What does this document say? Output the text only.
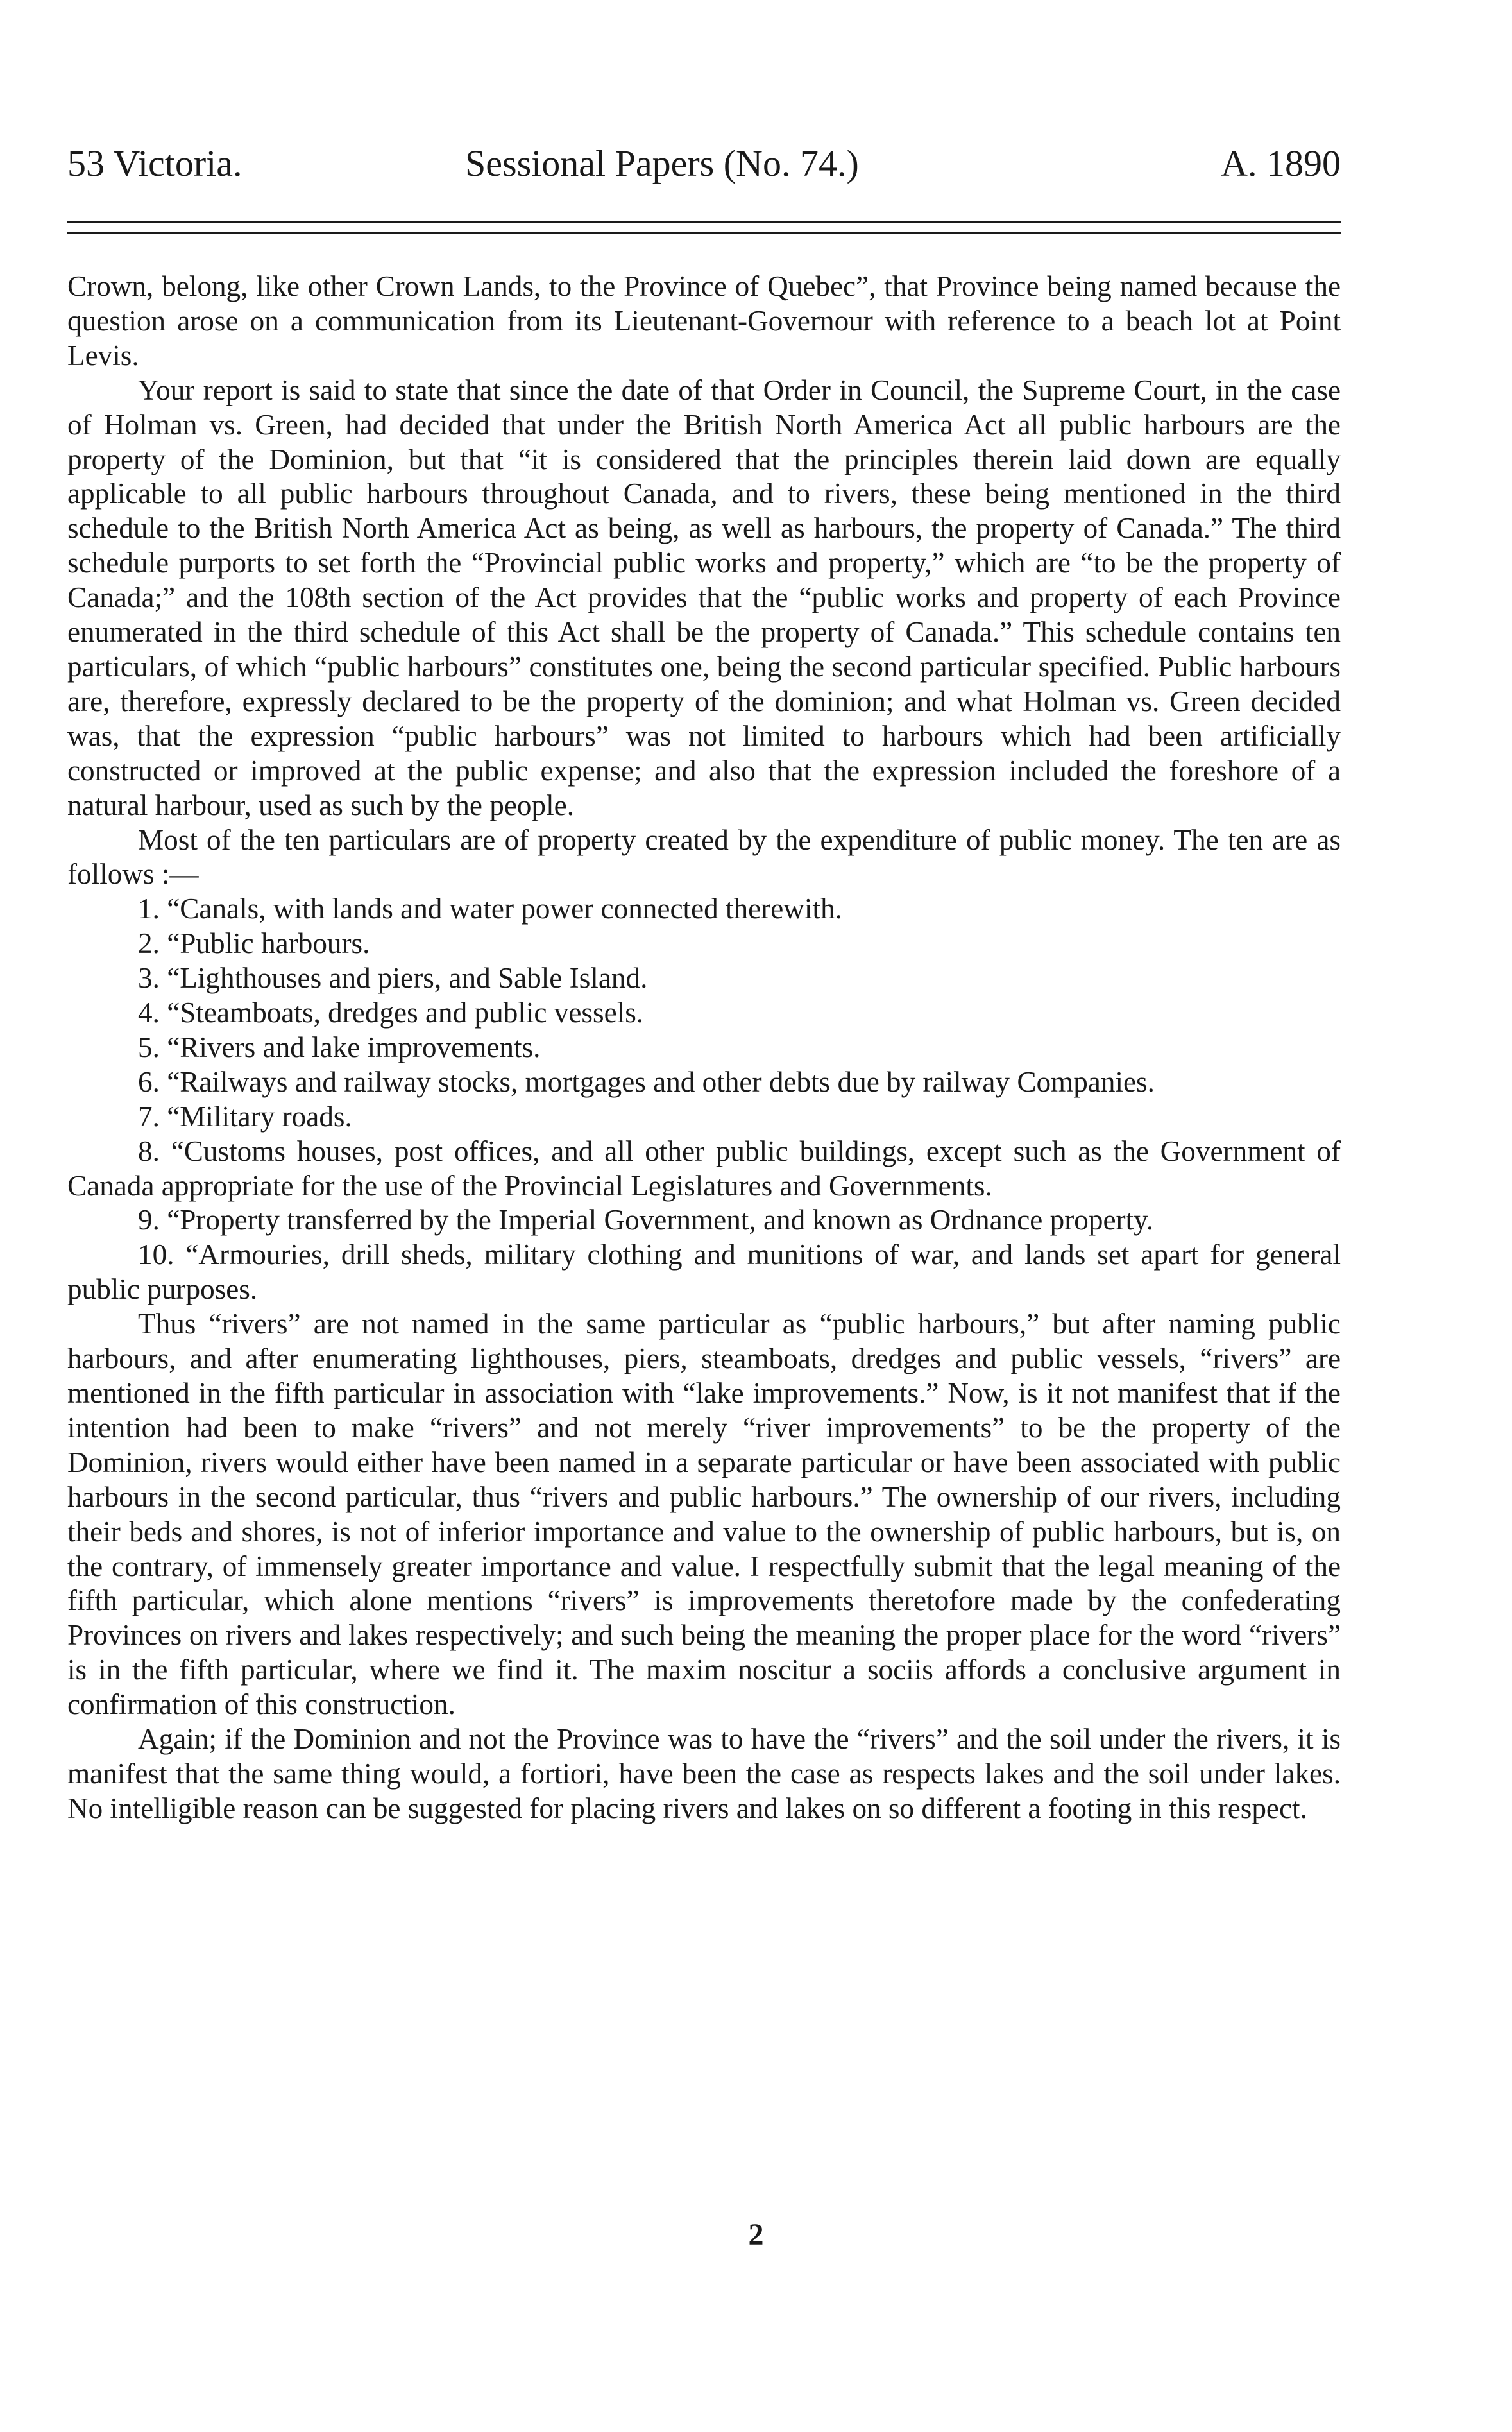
53 Victoria.	Sessional Papers (No. 74.)	A. 1890

Crown, belong, like other Crown Lands, to the Province of Quebec”, that Province being named because the question arose on a communication from its Lieutenant-Governour with reference to a beach lot at Point Levis.

Your report is said to state that since the date of that Order in Council, the Supreme Court, in the case of Holman vs. Green, had decided that under the British North America Act all public harbours are the property of the Dominion, but that “it is considered that the principles therein laid down are equally applicable to all public harbours throughout Canada, and to rivers, these being mentioned in the third schedule to the British North America Act as being, as well as harbours, the property of Canada.” The third schedule purports to set forth the “Provincial public works and property,” which are “to be the property of Canada;” and the 108th section of the Act provides that the “public works and property of each Province enumerated in the third schedule of this Act shall be the property of Canada.” This schedule contains ten particulars, of which “public harbours” constitutes one, being the second particular specified. Public harbours are, therefore, expressly declared to be the property of the dominion; and what Holman vs. Green decided was, that the expression “public harbours” was not limited to harbours which had been artificially constructed or improved at the public expense; and also that the expression included the foreshore of a natural harbour, used as such by the people.

Most of the ten particulars are of property created by the expenditure of public money. The ten are as follows :—

1. “Canals, with lands and water power connected therewith.

2. “Public harbours.

3. “Lighthouses and piers, and Sable Island.

4. “Steamboats, dredges and public vessels.

5. “Rivers and lake improvements.

6. “Railways and railway stocks, mortgages and other debts due by railway Companies.

7. “Military roads.

8. “Customs houses, post offices, and all other public buildings, except such as the Government of Canada appropriate for the use of the Provincial Legislatures and Governments.

9. “Property transferred by the Imperial Government, and known as Ordnance property.

10. “Armouries, drill sheds, military clothing and munitions of war, and lands set apart for general public purposes.

Thus “rivers” are not named in the same particular as “public harbours,” but after naming public harbours, and after enumerating lighthouses, piers, steamboats, dredges and public vessels, “rivers” are mentioned in the fifth particular in association with “lake improvements.” Now, is it not manifest that if the intention had been to make “rivers” and not merely “river improvements” to be the property of the Dominion, rivers would either have been named in a separate particular or have been associated with public harbours in the second particular, thus “rivers and public harbours.” The ownership of our rivers, including their beds and shores, is not of inferior importance and value to the ownership of public harbours, but is, on the contrary, of immensely greater importance and value. I respectfully submit that the legal meaning of the fifth particular, which alone mentions “rivers” is improvements theretofore made by the confederating Provinces on rivers and lakes respectively; and such being the meaning the proper place for the word “rivers” is in the fifth particular, where we find it. The maxim noscitur a sociis affords a conclusive argument in confirmation of this construction.

Again; if the Dominion and not the Province was to have the “rivers” and the soil under the rivers, it is manifest that the same thing would, a fortiori, have been the case as respects lakes and the soil under lakes. No intelligible reason can be suggested for placing rivers and lakes on so different a footing in this respect.

2
